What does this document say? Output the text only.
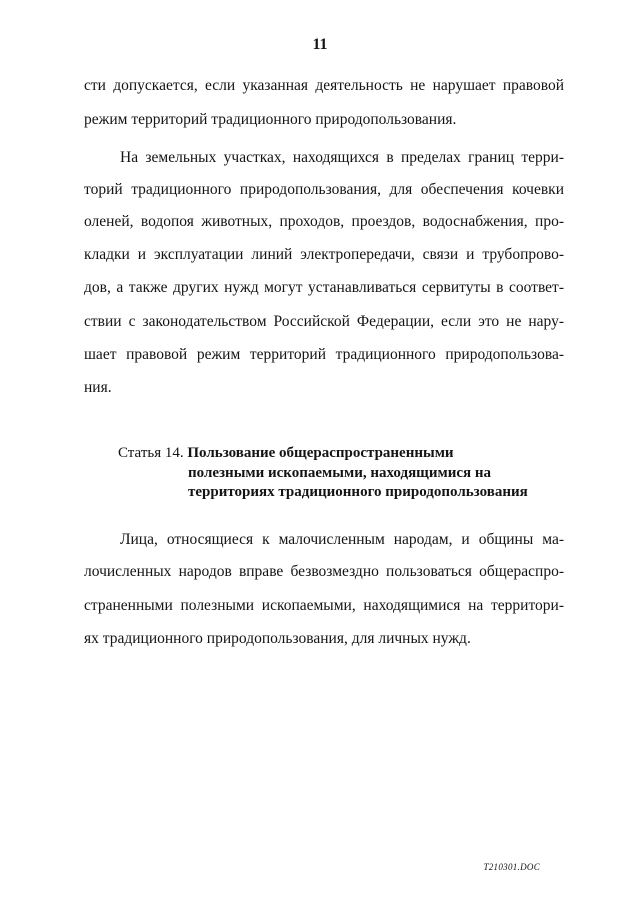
11
сти допускается, если указанная деятельность не нарушает правовой
режим территорий традиционного природопользования.
На земельных участках, находящихся в пределах границ терри-
торий традиционного природопользования, для обеспечения кочевки
оленей, водопоя животных, проходов, проездов, водоснабжения, про-
кладки и эксплуатации линий электропередачи, связи и трубопрово-
дов, а также других нужд могут устанавливаться сервитуты в соответ-
ствии с законодательством Российской Федерации, если это не нару-
шает правовой режим территорий традиционного природопользова-
ния.
Статья 14. Пользование общераспространенными
полезными ископаемыми, находящимися на
территориях традиционного природопользования
Лица, относящиеся к малочисленным народам, и общины ма-
лочисленных народов вправе безвозмездно пользоваться общераспро-
страненными полезными ископаемыми, находящимися на территори-
ях традиционного природопользования, для личных нужд.
T210301.DOC
